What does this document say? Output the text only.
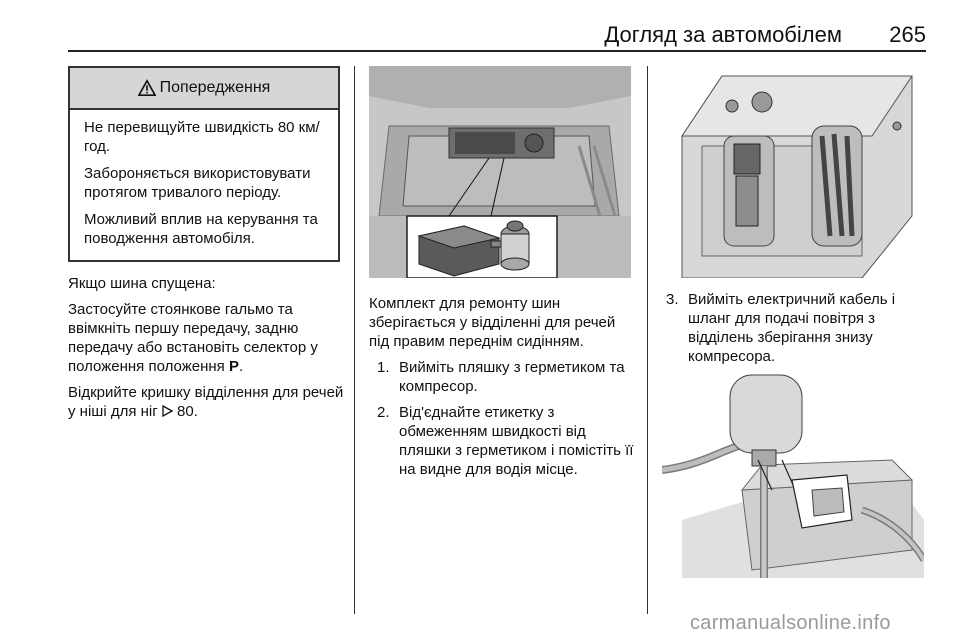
Догляд за автомобілем 265
Попередження

Не перевищуйте швидкість 80 км/год.

Забороняється використовувати протягом тривалого періоду.

Можливий вплив на керування та поводження автомобіля.

Якщо шина спущена:

Застосуйте стоянкове гальмо та ввімкніть першу передачу, задню передачу або встановіть селектор у положення положення P.

Відкрийте кришку відділення для речей у ніші для ніг  80.

Комплект для ремонту шин зберігається у відділенні для речей під правим переднім сидінням.

1. Вийміть пляшку з герметиком та компресор.
2. Від'єднайте етикетку з обмеженням швидкості від пляшки з герметиком і помістіть її на видне для водія місце.
3. Вийміть електричний кабель і шланг для подачі повітря з відділень зберігання знизу компресора.
carmanualsonline.info
